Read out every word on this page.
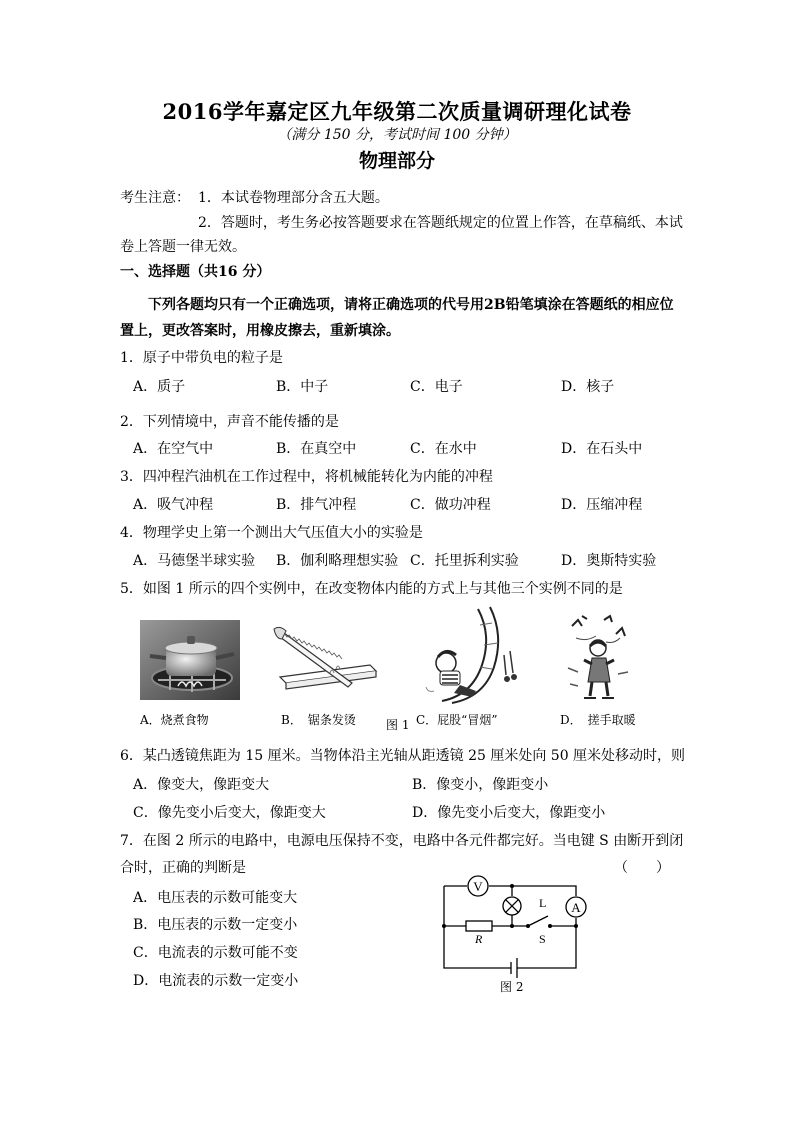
2016学年嘉定区九年级第二次质量调研理化试卷
（满分 150 分，考试时间 100 分钟）
物理部分
考生注意： 1．本试卷物理部分含五大题。
2．答题时，考生务必按答题要求在答题纸规定的位置上作答，在草稿纸、本试
卷上答题一律无效。
一、选择题（共16 分）
下列各题均只有一个正确选项，请将正确选项的代号用2B铅笔填涂在答题纸的相应位
置上，更改答案时，用橡皮擦去，重新填涂。
1．原子中带负电的粒子是
A．质子	B．中子	C．电子	D．核子
2．下列情境中，声音不能传播的是
A．在空气中	B．在真空中	C．在水中	D．在石头中
3．四冲程汽油机在工作过程中，将机械能转化为内能的冲程
A．吸气冲程	B．排气冲程	C．做功冲程	D．压缩冲程
4．物理学史上第一个测出大气压值大小的实验是
A．马德堡半球实验 B．伽利略理想实验 C．托里拆利实验	D．奥斯特实验
5．如图 1 所示的四个实例中，在改变物体内能的方式上与其他三个实例不同的是
A．烧煮食物	B．　锯条发烫	图 1 C．屁股“冒烟”	D．　搓手取暖
6．某凸透镜焦距为 15 厘米。当物体沿主光轴从距透镜 25 厘米处向 50 厘米处移动时，则
A．像变大，像距变大	B．像变小，像距变小
C．像先变小后变大，像距变大	D．像先变小后变大，像距变小
7．在图 2 所示的电路中，电源电压保持不变，电路中各元件都完好。当电键 S 由断开到闭
合时，正确的判断是	（　　）
A．电压表的示数可能变大
B．电压表的示数一定变小
C．电流表的示数可能不变
D．电流表的示数一定变小
V
A
L
R	S
图 2
